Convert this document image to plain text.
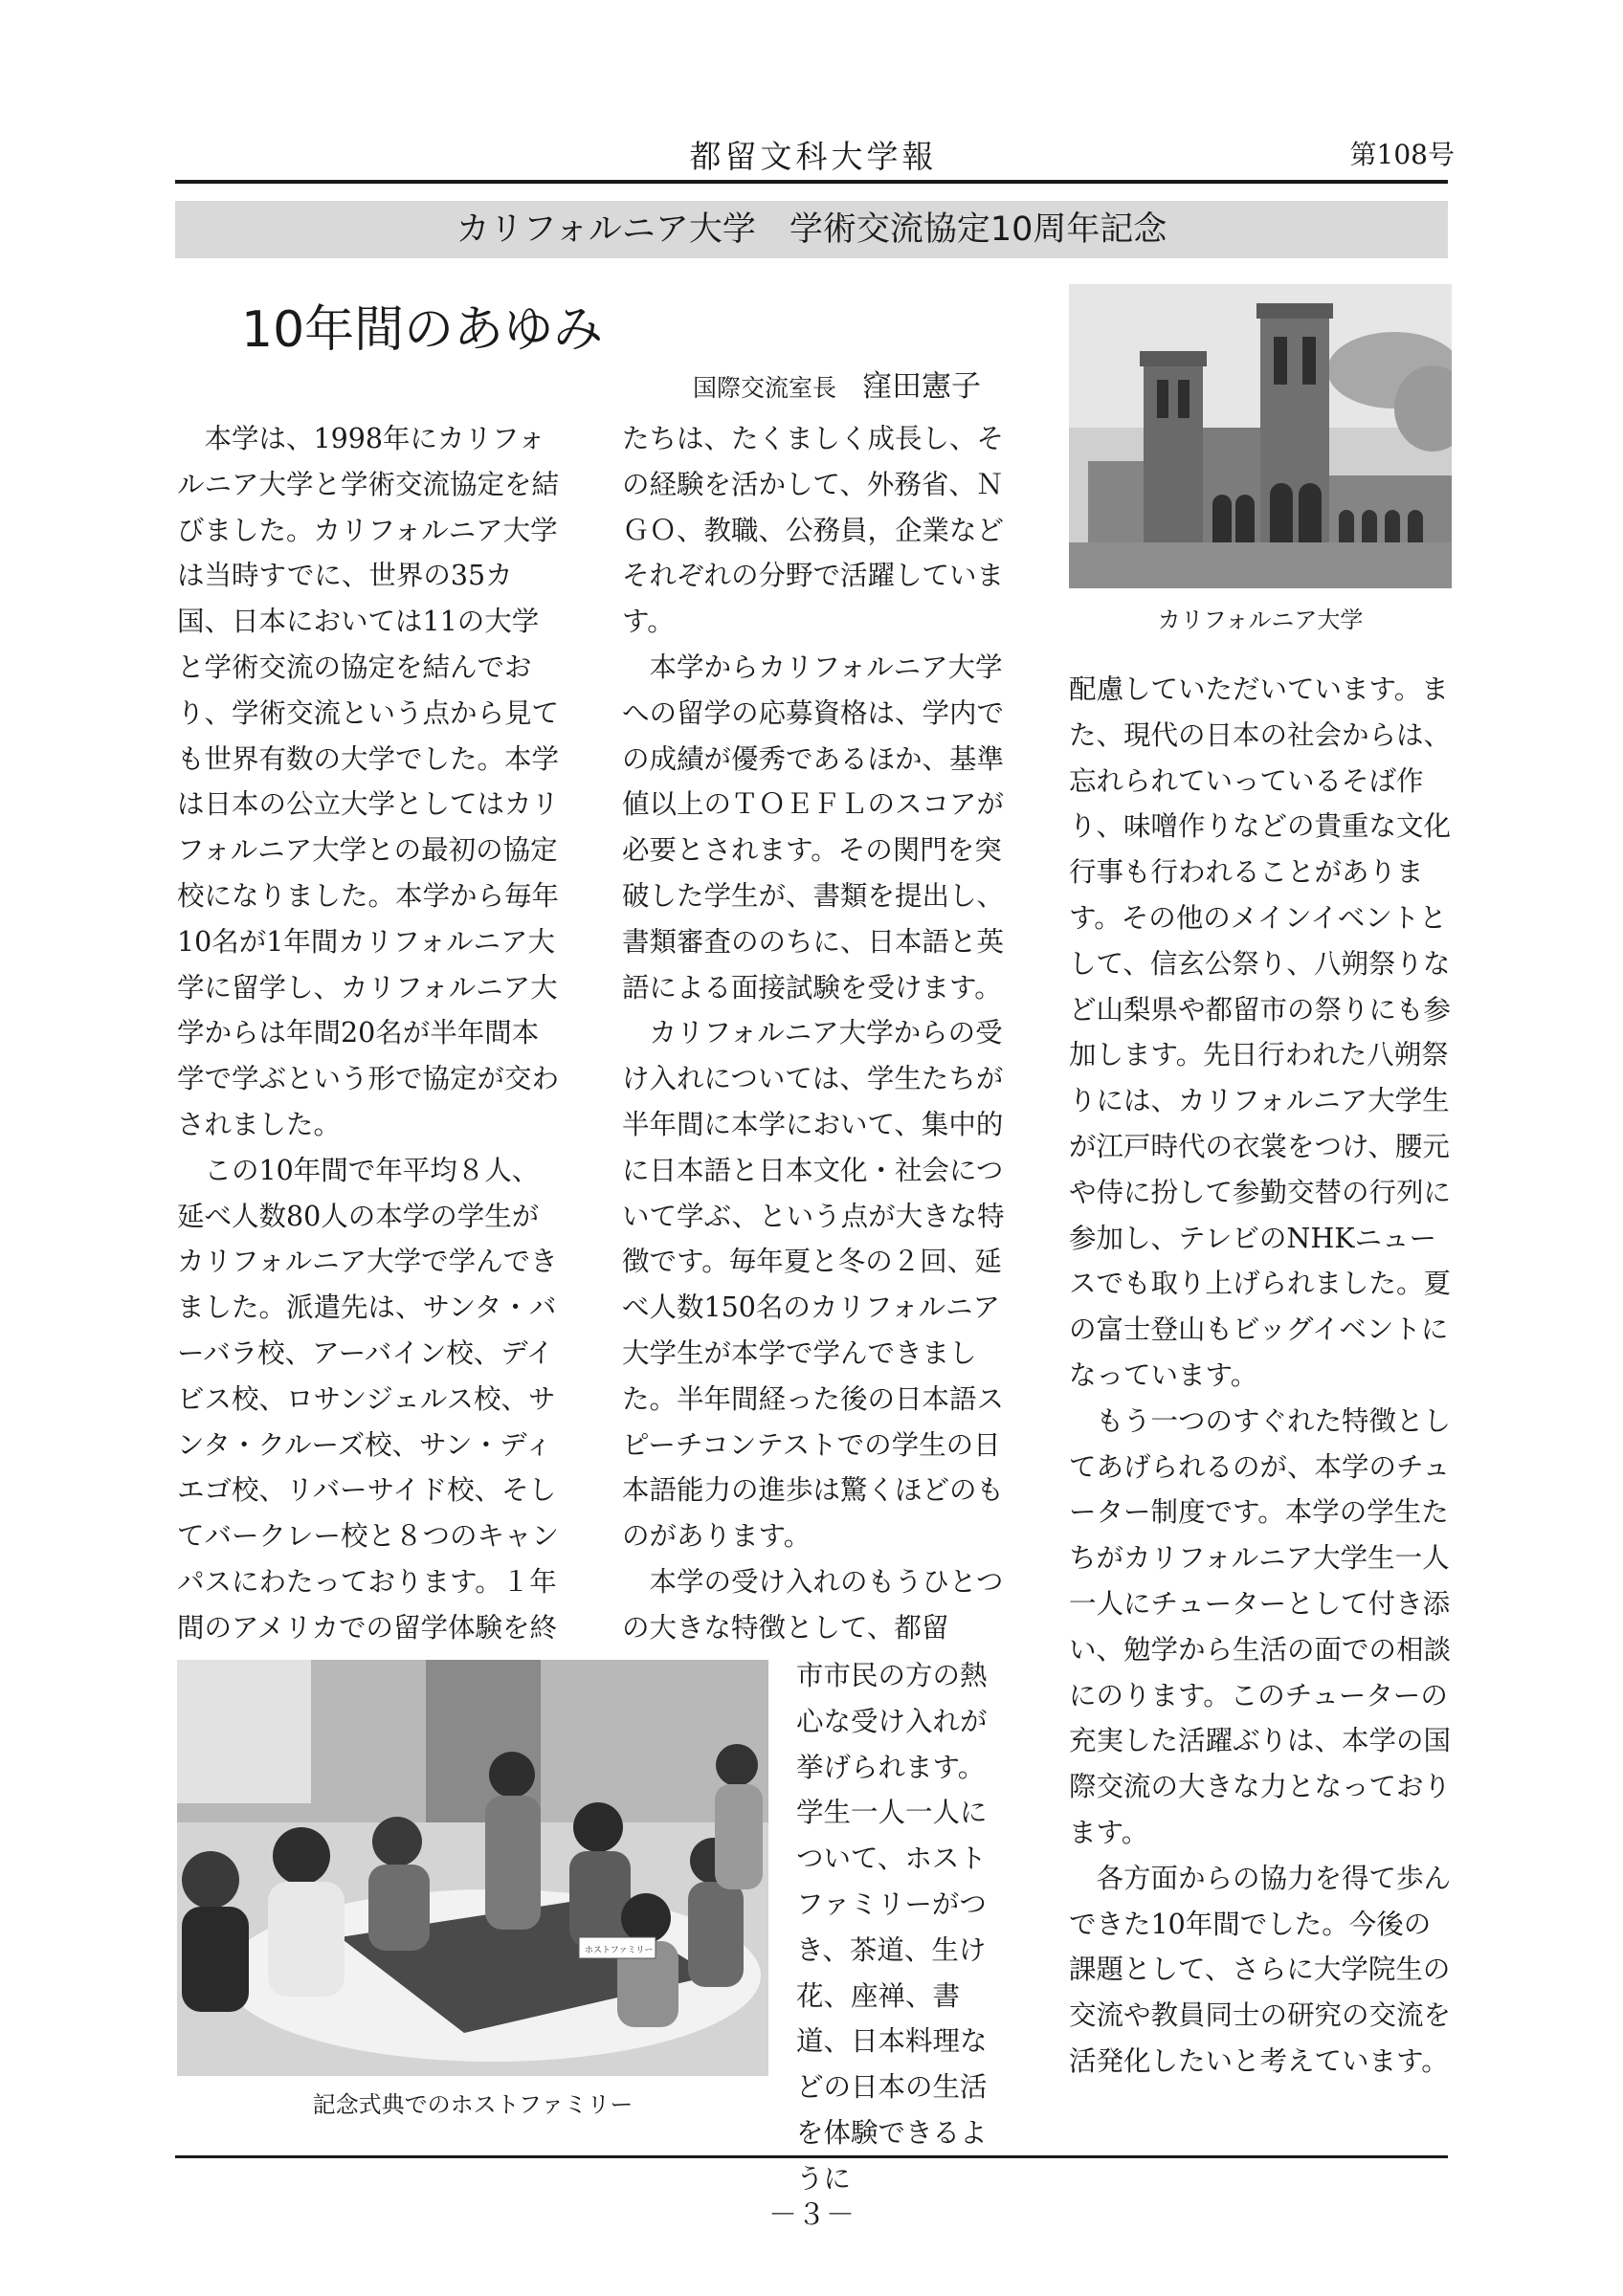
都留文科大学報	第108号
カリフォルニア大学　学術交流協定10周年記念
10年間のあゆみ
国際交流室長　 窪田憲子
カリフォルニア大学

本学は、1998年にカリフォルニア大学と学術交流協定を結びました。カリフォルニア大学は当時すでに、世界の35カ国、日本においては11の大学と学術交流の協定を結んでおり、学術交流という点から見ても世界有数の大学でした。本学は日本の公立大学としてはカリフォルニア大学との最初の協定校になりました。本学から毎年10名が1年間カリフォルニア大学に留学し、カリフォルニア大学からは年間20名が半年間本学で学ぶという形で協定が交わされました。

この10年間で年平均８人、延べ人数80人の本学の学生がカリフォルニア大学で学んできました。派遣先は、サンタ・バーバラ校、アーバイン校、デイビス校、ロサンジェルス校、サンタ・クルーズ校、サン・ディエゴ校、リバーサイド校、そしてバークレー校と８つのキャンパスにわたっております。１年間のアメリカでの留学体験を終

たちは、たくましく成長し、その経験を活かして、外務省、ＮＧＯ、教職、公務員，企業などそれぞれの分野で活躍しています。

本学からカリフォルニア大学への留学の応募資格は、学内での成績が優秀であるほか、基準値以上のＴＯＥＦＬのスコアが必要とされます。その関門を突破した学生が、書類を提出し、書類審査ののちに、日本語と英語による面接試験を受けます。

カリフォルニア大学からの受け入れについては、学生たちが半年間に本学において、集中的に日本語と日本文化・社会について学ぶ、という点が大きな特徴です。毎年夏と冬の２回、延べ人数150名のカリフォルニア大学生が本学で学んできました。半年間経った後の日本語スピーチコンテストでの学生の日本語能力の進歩は驚くほどのものがあります。

本学の受け入れのもうひとつの大きな特徴として、都留

市市民の方の熱心な受け入れが挙げられます。学生一人一人について、ホストファミリーがつき、茶道、生け花、座禅、書道、日本料理などの日本の生活を体験できるように

ホストファミリー
記念式典でのホストファミリー

配慮していただいています。また、現代の日本の社会からは、忘れられていっているそば作り、味噌作りなどの貴重な文化行事も行われることがあります。その他のメインイベントとして、信玄公祭り、八朔祭りなど山梨県や都留市の祭りにも参加します。先日行われた八朔祭りには、カリフォルニア大学生が江戸時代の衣裳をつけ、腰元や侍に扮して参勤交替の行列に参加し、テレビのNHKニュースでも取り上げられました。夏の富士登山もビッグイベントになっています。

もう一つのすぐれた特徴としてあげられるのが、本学のチューター制度です。本学の学生たちがカリフォルニア大学生一人一人にチューターとして付き添い、勉学から生活の面での相談にのります。このチューターの充実した活躍ぶりは、本学の国際交流の大きな力となっております。

各方面からの協力を得て歩んできた10年間でした。今後の課題として、さらに大学院生の交流や教員同士の研究の交流を活発化したいと考えています。

－３－
